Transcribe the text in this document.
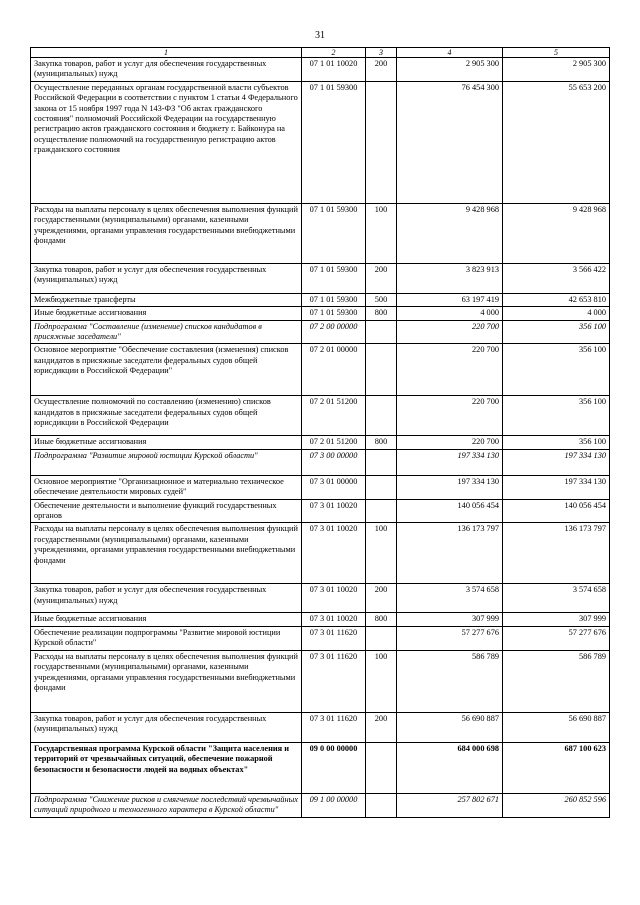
31
1	2	3	4	5
Закупка товаров, работ и услуг для обеспечения государственных (муниципальных) нужд	07 1 01 10020	200	2 905 300	2 905 300
Осуществление переданных органам государственной власти субъектов Российской Федерации в соответствии с пунктом 1 статьи 4 Федерального закона от 15 ноября 1997 года N 143-ФЗ "Об актах гражданского состояния" полномочий Российской Федерации на государственную регистрацию актов гражданского состояния и бюджету г. Байконура на осуществление полномочий на государственную регистрацию актов гражданского состояния	07 1 01 59300		76 454 300	55 653 200
Расходы на выплаты персоналу в целях обеспечения выполнения функций государственными (муниципальными) органами, казенными учреждениями, органами управления государственными внебюджетными фондами	07 1 01 59300	100	9 428 968	9 428 968
Закупка товаров, работ и услуг для обеспечения государственных (муниципальных) нужд	07 1 01 59300	200	3 823 913	3 566 422
Межбюджетные трансферты	07 1 01 59300	500	63 197 419	42 653 810
Иные бюджетные ассигнования	07 1 01 59300	800	4 000	4 000
Подпрограмма "Составление (изменение) списков кандидатов в присяжные заседатели"	07 2 00 00000		220 700	356 100
Основное мероприятие "Обеспечение составления (изменения) списков кандидатов в присяжные заседатели федеральных судов общей юрисдикции в Российской Федерации"	07 2 01 00000		220 700	356 100
Осуществление полномочий по составлению (изменению) списков кандидатов в присяжные заседатели федеральных судов общей юрисдикции в Российской Федерации	07 2 01 51200		220 700	356 100
Иные бюджетные ассигнования	07 2 01 51200	800	220 700	356 100
Подпрограмма "Развитие мировой юстиции Курской области"	07 3 00 00000		197 334 130	197 334 130
Основное мероприятие "Организационное и материально техническое обеспечение деятельности мировых судей"	07 3 01 00000		197 334 130	197 334 130
Обеспечение деятельности и выполнение функций государственных органов	07 3 01 10020		140 056 454	140 056 454
Расходы на выплаты персоналу в целях обеспечения выполнения функций государственными (муниципальными) органами, казенными учреждениями, органами управления государственными внебюджетными фондами	07 3 01 10020	100	136 173 797	136 173 797
Закупка товаров, работ и услуг для обеспечения государственных (муниципальных) нужд	07 3 01 10020	200	3 574 658	3 574 658
Иные бюджетные ассигнования	07 3 01 10020	800	307 999	307 999
Обеспечение реализации подпрограммы "Развитие мировой юстиции Курской области"	07 3 01 11620		57 277 676	57 277 676
Расходы на выплаты персоналу в целях обеспечения выполнения функций государственными (муниципальными) органами, казенными учреждениями, органами управления государственными внебюджетными фондами	07 3 01 11620	100	586 789	586 789
Закупка товаров, работ и услуг для обеспечения государственных (муниципальных) нужд	07 3 01 11620	200	56 690 887	56 690 887
Государственная программа Курской области "Защита населения и территорий от чрезвычайных ситуаций, обеспечение пожарной безопасности и безопасности людей на водных объектах"	09 0 00 00000		684 000 698	687 100 623
Подпрограмма "Снижение рисков и смягчение последствий чрезвычайных ситуаций природного и техногенного характера в Курской области"	09 1 00 00000		257 802 671	260 852 596
